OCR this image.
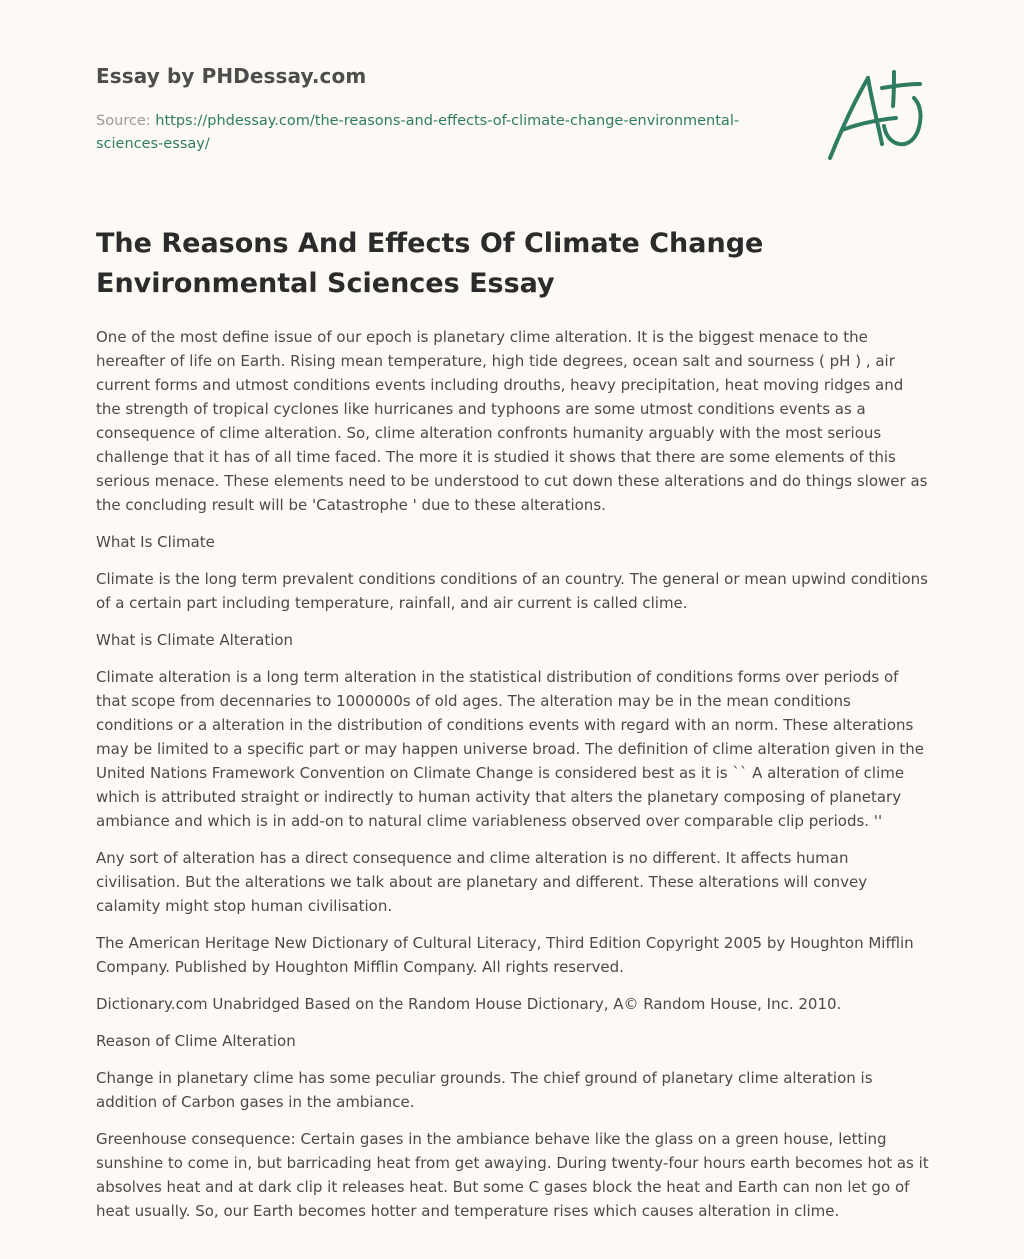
Essay by PHDessay.com
Source: https://phdessay.com/the-reasons-and-effects-of-climate-change-environmental-sciences-essay/
The Reasons And Effects Of Climate Change Environmental Sciences Essay

One of the most define issue of our epoch is planetary clime alteration. It is the biggest menace to the hereafter of life on Earth. Rising mean temperature, high tide degrees, ocean salt and sourness ( pH ) , air current forms and utmost conditions events including drouths, heavy precipitation, heat moving ridges and the strength of tropical cyclones like hurricanes and typhoons are some utmost conditions events as a consequence of clime alteration. So, clime alteration confronts humanity arguably with the most serious challenge that it has of all time faced. The more it is studied it shows that there are some elements of this serious menace. These elements need to be understood to cut down these alterations and do things slower as the concluding result will be 'Catastrophe ' due to these alterations.

What Is Climate

Climate is the long term prevalent conditions conditions of an country. The general or mean upwind conditions of a certain part including temperature, rainfall, and air current is called clime.

What is Climate Alteration

Climate alteration is a long term alteration in the statistical distribution of conditions forms over periods of that scope from decennaries to 1000000s of old ages. The alteration may be in the mean conditions conditions or a alteration in the distribution of conditions events with regard with an norm. These alterations may be limited to a specific part or may happen universe broad. The definition of clime alteration given in the United Nations Framework Convention on Climate Change is considered best as it is `` A alteration of clime which is attributed straight or indirectly to human activity that alters the planetary composing of planetary ambiance and which is in add-on to natural clime variableness observed over comparable clip periods. ''

Any sort of alteration has a direct consequence and clime alteration is no different. It affects human civilisation. But the alterations we talk about are planetary and different. These alterations will convey calamity might stop human civilisation.

The American Heritage New Dictionary of Cultural Literacy, Third Edition Copyright 2005 by Houghton Mifflin Company. Published by Houghton Mifflin Company. All rights reserved.

Dictionary.com Unabridged Based on the Random House Dictionary, A© Random House, Inc. 2010.

Reason of Clime Alteration

Change in planetary clime has some peculiar grounds. The chief ground of planetary clime alteration is addition of Carbon gases in the ambiance.

Greenhouse consequence: Certain gases in the ambiance behave like the glass on a green house, letting sunshine to come in, but barricading heat from get awaying. During twenty-four hours earth becomes hot as it absolves heat and at dark clip it releases heat. But some C gases block the heat and Earth can non let go of heat usually. So, our Earth becomes hotter and temperature rises which causes alteration in clime.
